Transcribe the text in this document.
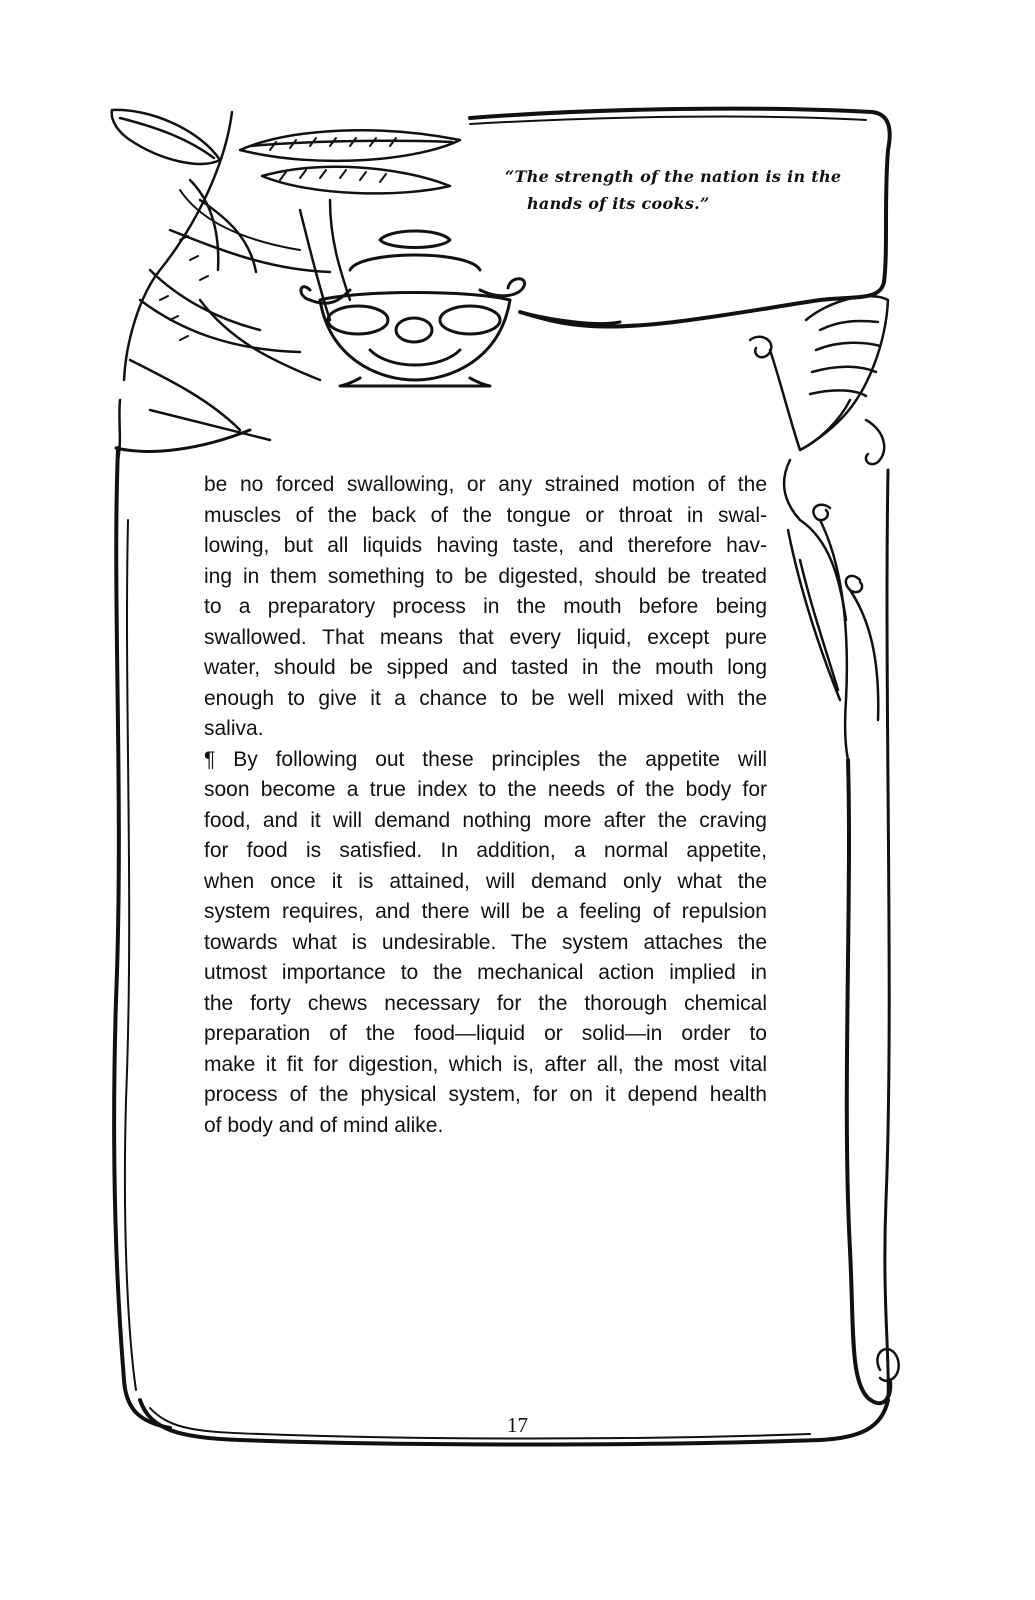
“The strength of the nation is in the
hands of its cooks.”

be no forced swallowing, or any strained motion of the
muscles of the back of the tongue or throat in swal-
lowing, but all liquids having taste, and therefore hav-
ing in them something to be digested, should be treated
to a preparatory process in the mouth before being
swallowed. That means that every liquid, except pure
water, should be sipped and tasted in the mouth long
enough to give it a chance to be well mixed with the
saliva.

¶ By following out these principles the appetite will
soon become a true index to the needs of the body for
food, and it will demand nothing more after the craving
for food is satisfied. In addition, a normal appetite,
when once it is attained, will demand only what the
system requires, and there will be a feeling of repulsion
towards what is undesirable. The system attaches the
utmost importance to the mechanical action implied in
the forty chews necessary for the thorough chemical
preparation of the food—liquid or solid—in order to
make it fit for digestion, which is, after all, the most vital
process of the physical system, for on it depend health
of body and of mind alike.

17
